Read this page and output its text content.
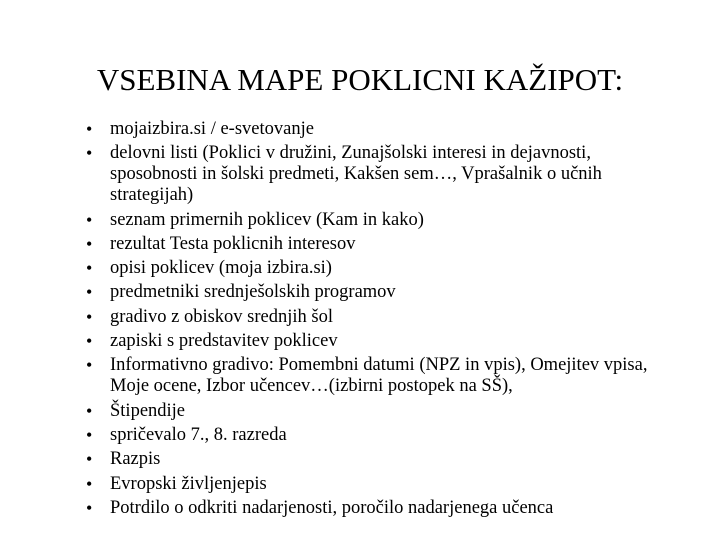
VSEBINA MAPE POKLICNI KAŽIPOT:
• mojaizbira.si / e-svetovanje
• delovni listi (Poklici v družini, Zunajšolski interesi in dejavnosti, sposobnosti in šolski predmeti, Kakšen sem…, Vprašalnik o učnih strategijah)
• seznam primernih poklicev (Kam in kako)
• rezultat Testa poklicnih interesov
• opisi poklicev (moja izbira.si)
• predmetniki srednješolskih programov
• gradivo z obiskov srednjih šol
• zapiski s predstavitev poklicev
• Informativno gradivo: Pomembni datumi (NPZ in vpis), Omejitev vpisa, Moje ocene, Izbor učencev…(izbirni postopek na SŠ),
• Štipendije
• spričevalo 7., 8. razreda
• Razpis
• Evropski življenjepis
• Potrdilo o odkriti nadarjenosti, poročilo nadarjenega učenca
